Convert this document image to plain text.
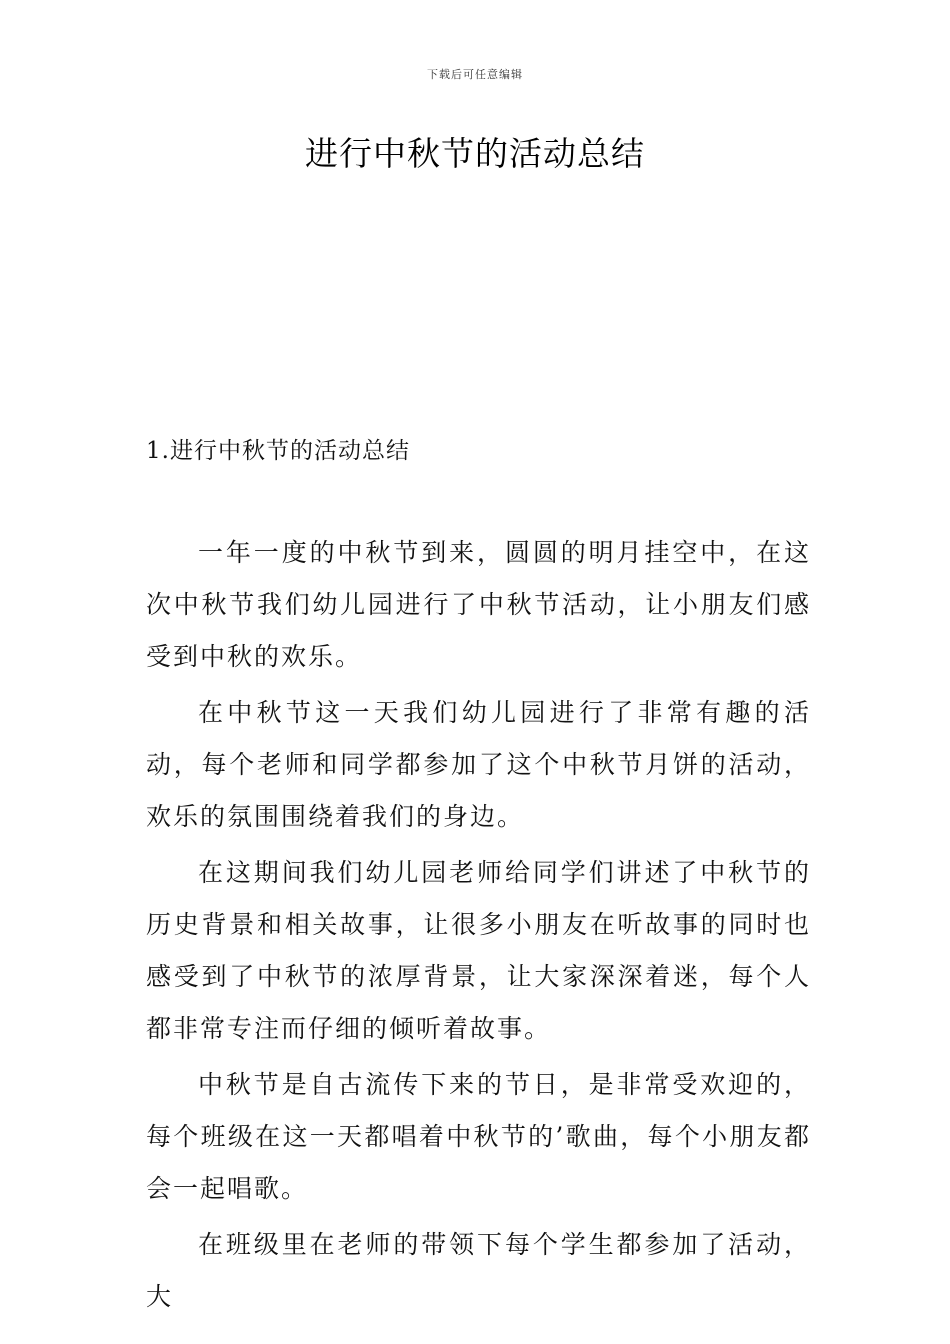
下载后可任意编辑
进行中秋节的活动总结
1.进行中秋节的活动总结

一年一度的中秋节到来，圆圆的明月挂空中，在这次中秋节我们幼儿园进行了中秋节活动，让小朋友们感受到中秋的欢乐。

在中秋节这一天我们幼儿园进行了非常有趣的活动，每个老师和同学都参加了这个中秋节月饼的活动，欢乐的氛围围绕着我们的身边。

在这期间我们幼儿园老师给同学们讲述了中秋节的历史背景和相关故事，让很多小朋友在听故事的同时也感受到了中秋节的浓厚背景，让大家深深着迷，每个人都非常专注而仔细的倾听着故事。

中秋节是自古流传下来的节日，是非常受欢迎的，每个班级在这一天都唱着中秋节的’歌曲，每个小朋友都会一起唱歌。

在班级里在老师的带领下每个学生都参加了活动，大
